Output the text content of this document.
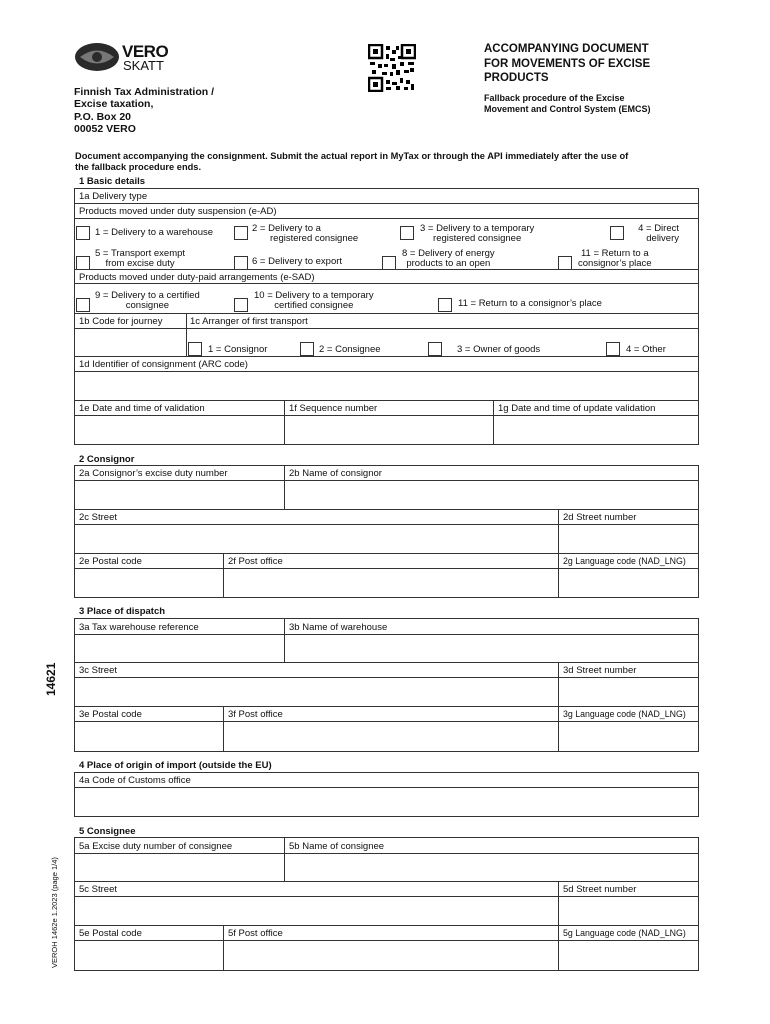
VERO
SKATT
Finnish Tax Administration /
Excise taxation,
P.O. Box 20
00052 VERO
ACCOMPANYING DOCUMENT
FOR MOVEMENTS OF EXCISE
PRODUCTS
Fallback procedure of the Excise
Movement and Control System (EMCS)
Document accompanying the consignment. Submit the actual report in MyTax or through the API immediately after the use of
the fallback procedure ends.
1 Basic details
1a Delivery type
Products moved under duty suspension (e-AD)
1 = Delivery to a warehouse	2 = Delivery to a
registered consignee
3 = Delivery to a temporary
registered consignee
4 = Direct
delivery
5 = Transport exempt
from excise duty	6 = Delivery to export
8 = Delivery of energy
products to an open
11 = Return to a
consignor’s place
Products moved under duty-paid arrangements (e-SAD)
9 = Delivery to a certified
consignee
10 = Delivery to a temporary
certified consignee	11 = Return to a consignor’s place
1b Code for journey	1c Arranger of first transport
1 = Consignor	2 = Consignee	3 = Owner of goods	4 = Other
1d Identifier of consignment (ARC code)
1e Date and time of validation	1f Sequence number	1g Date and time of update validation
2 Consignor
2a Consignor’s excise duty number	2b Name of consignor
2c Street	2d Street number
2e Postal code	2f Post office	2g Language code (NAD_LNG)
3 Place of dispatch
3a Tax warehouse reference	3b Name of warehouse
3c Street	3d Street number
3e Postal code	3f Post office	3g Language code (NAD_LNG)
4 Place of origin of import (outside the EU)
4a Code of Customs office
5 Consignee
5a Excise duty number of consignee	5b Name of consignee
5c Street	5d Street number
5e Postal code	5f Post office	5g Language code (NAD_LNG)
14621
VEROH 1462e 1.2023 (page 1/4)
